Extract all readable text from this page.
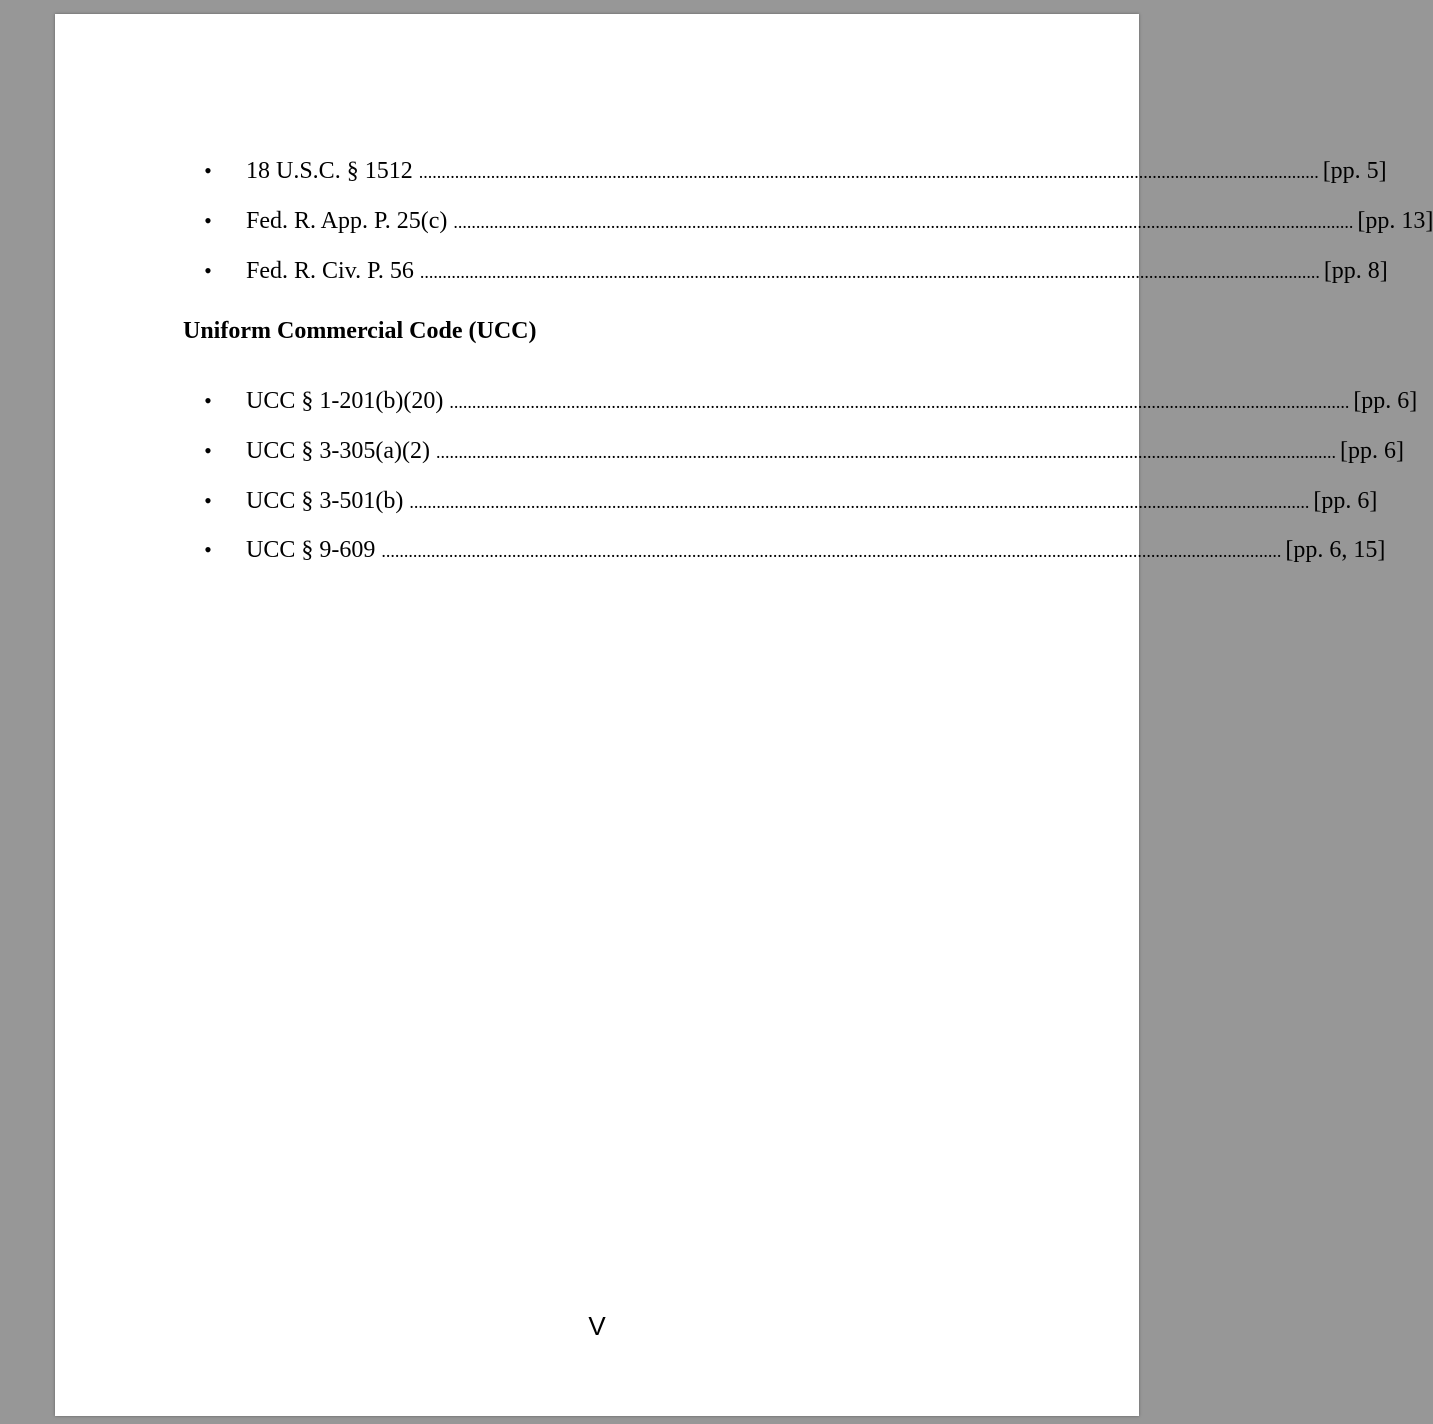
• 18 U.S.C. § 1512 ........................................................................................................................................................................................................ [pp. 5]
• Fed. R. App. P. 25(c) ........................................................................................................................................................................................................ [pp. 13]
• Fed. R. Civ. P. 56 ........................................................................................................................................................................................................ [pp. 8]
Uniform Commercial Code (UCC)
• UCC § 1-201(b)(20) ........................................................................................................................................................................................................ [pp. 6]
• UCC § 3-305(a)(2) ........................................................................................................................................................................................................ [pp. 6]
• UCC § 3-501(b) ........................................................................................................................................................................................................ [pp. 6]
• UCC § 9-609 ........................................................................................................................................................................................................ [pp. 6, 15]
V
